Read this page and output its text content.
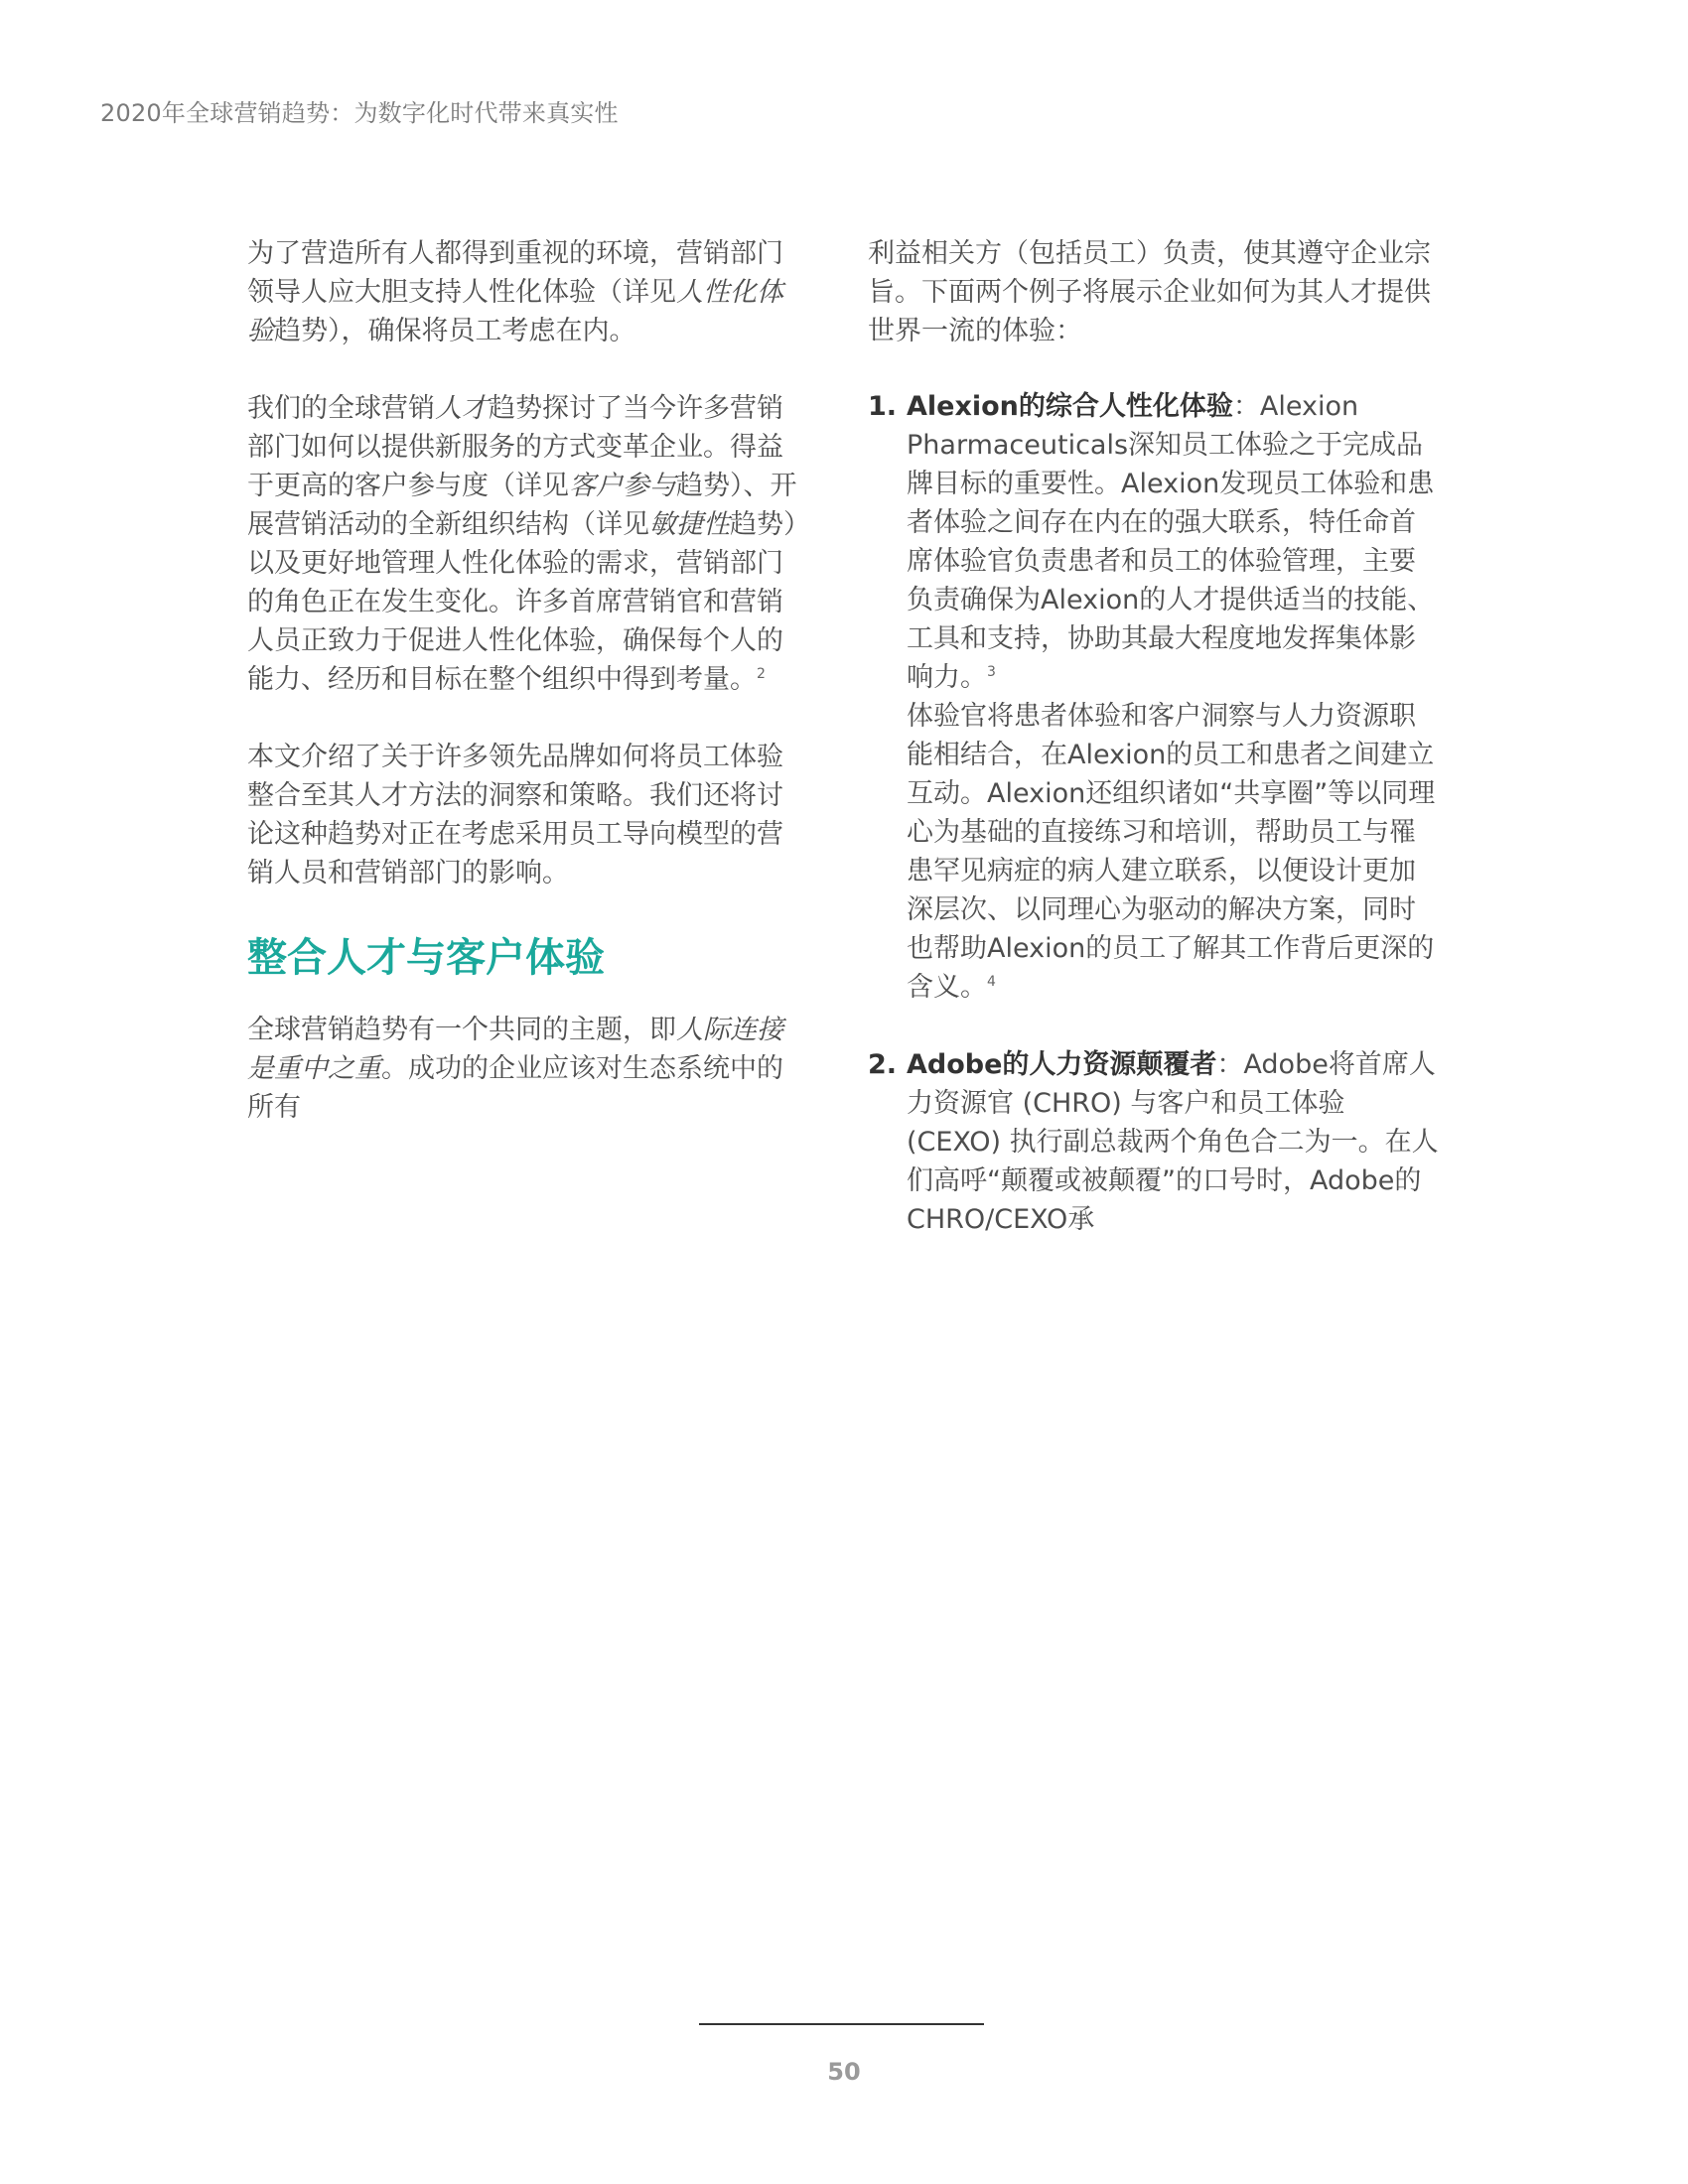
2020年全球营销趋势：为数字化时代带来真实性

为了营造所有人都得到重视的环境，营销部门领导人应大胆支持人性化体验（详见人性化体验趋势），确保将员工考虑在内。

我们的全球营销人才趋势探讨了当今许多营销部门如何以提供新服务的方式变革企业。得益于更高的客户参与度（详见客户参与趋势）、开展营销活动的全新组织结构（详见敏捷性趋势）以及更好地管理人性化体验的需求，营销部门的角色正在发生变化。许多首席营销官和营销人员正致力于促进人性化体验，确保每个人的能力、经历和目标在整个组织中得到考量。$^2$

本文介绍了关于许多领先品牌如何将员工体验整合至其人才方法的洞察和策略。我们还将讨论这种趋势对正在考虑采用员工导向模型的营销人员和营销部门的影响。

整合人才与客户体验

全球营销趋势有一个共同的主题，即人际连接是重中之重。成功的企业应该对生态系统中的所有

利益相关方（包括员工）负责，使其遵守企业宗旨。下面两个例子将展示企业如何为其人才提供世界一流的体验：

1. Alexion的综合人性化体验：Alexion Pharmaceuticals深知员工体验之于完成品牌目标的重要性。Alexion发现员工体验和患者体验之间存在内在的强大联系，特任命首席体验官负责患者和员工的体验管理，主要负责确保为Alexion的人才提供适当的技能、工具和支持，协助其最大程度地发挥集体影响力。$^3$
体验官将患者体验和客户洞察与人力资源职能相结合，在Alexion的员工和患者之间建立互动。Alexion还组织诸如“共享圈”等以同理心为基础的直接练习和培训，帮助员工与罹患罕见病症的病人建立联系，以便设计更加深层次、以同理心为驱动的解决方案，同时也帮助Alexion的员工了解其工作背后更深的含义。$^4$
2. Adobe的人力资源颠覆者：Adobe将首席人力资源官 (CHRO) 与客户和员工体验 (CEXO) 执行副总裁两个角色合二为一。在人们高呼“颠覆或被颠覆”的口号时，Adobe的CHRO/CEXO承
50
